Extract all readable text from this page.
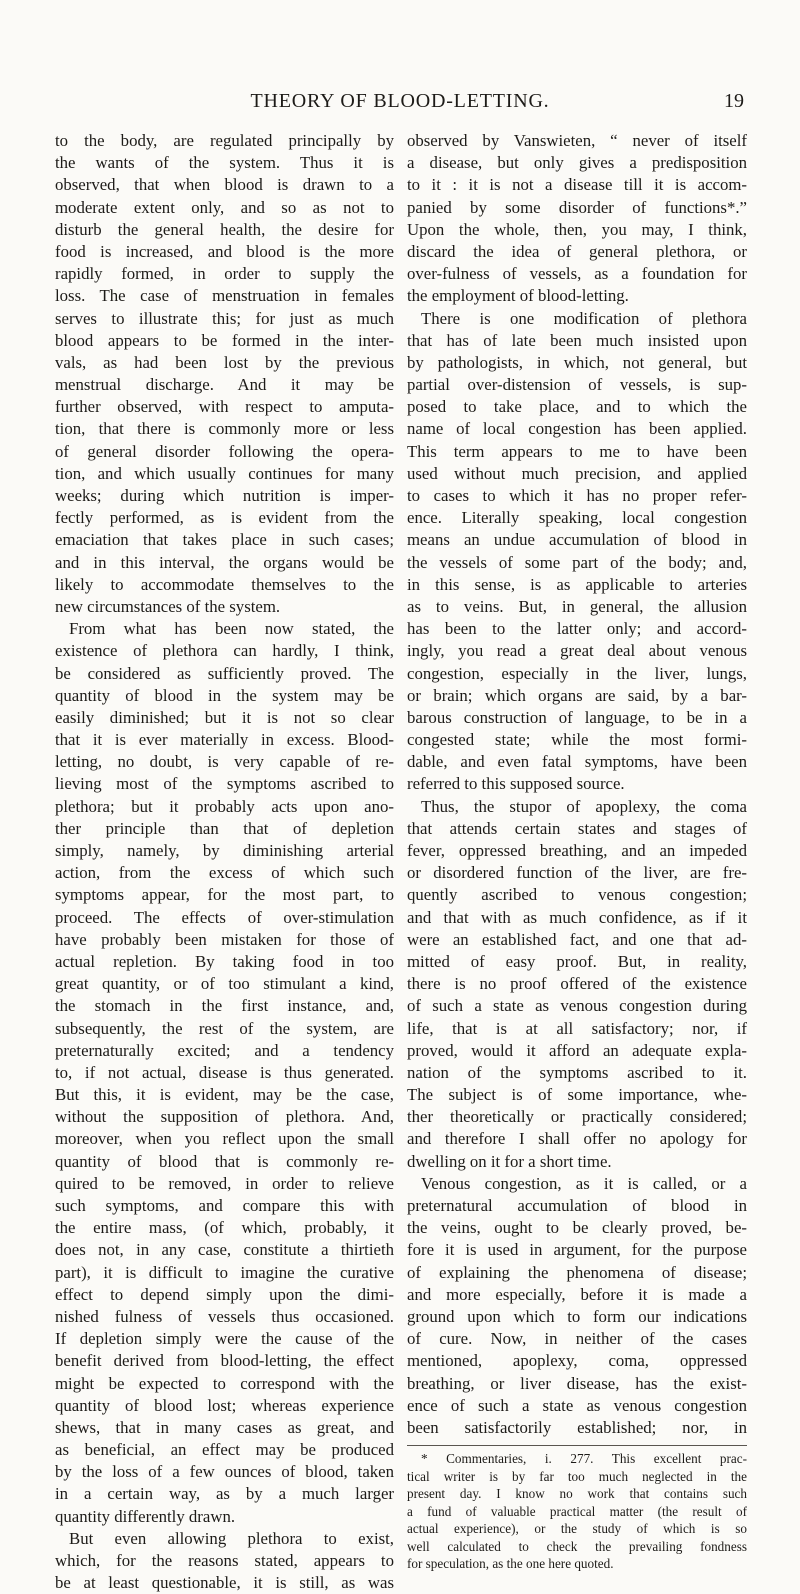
THEORY OF BLOOD-LETTING.	19
to the body, are regulated principally by
the wants of the system. Thus it is
observed, that when blood is drawn to a
moderate extent only, and so as not to
disturb the general health, the desire for
food is increased, and blood is the more
rapidly formed, in order to supply the
loss. The case of menstruation in females
serves to illustrate this; for just as much
blood appears to be formed in the inter-
vals, as had been lost by the previous
menstrual discharge. And it may be
further observed, with respect to amputa-
tion, that there is commonly more or less
of general disorder following the opera-
tion, and which usually continues for many
weeks; during which nutrition is imper-
fectly performed, as is evident from the
emaciation that takes place in such cases;
and in this interval, the organs would be
likely to accommodate themselves to the
new circumstances of the system.
From what has been now stated, the
existence of plethora can hardly, I think,
be considered as sufficiently proved. The
quantity of blood in the system may be
easily diminished; but it is not so clear
that it is ever materially in excess. Blood-
letting, no doubt, is very capable of re-
lieving most of the symptoms ascribed to
plethora; but it probably acts upon ano-
ther principle than that of depletion
simply, namely, by diminishing arterial
action, from the excess of which such
symptoms appear, for the most part, to
proceed. The effects of over-stimulation
have probably been mistaken for those of
actual repletion. By taking food in too
great quantity, or of too stimulant a kind,
the stomach in the first instance, and,
subsequently, the rest of the system, are
preternaturally excited; and a tendency
to, if not actual, disease is thus generated.
But this, it is evident, may be the case,
without the supposition of plethora. And,
moreover, when you reflect upon the small
quantity of blood that is commonly re-
quired to be removed, in order to relieve
such symptoms, and compare this with
the entire mass, (of which, probably, it
does not, in any case, constitute a thirtieth
part), it is difficult to imagine the curative
effect to depend simply upon the dimi-
nished fulness of vessels thus occasioned.
If depletion simply were the cause of the
benefit derived from blood-letting, the effect
might be expected to correspond with the
quantity of blood lost; whereas experience
shews, that in many cases as great, and
as beneficial, an effect may be produced
by the loss of a few ounces of blood, taken
in a certain way, as by a much larger
quantity differently drawn.
But even allowing plethora to exist,
which, for the reasons stated, appears to
be at least questionable, it is still, as was
observed by Vanswieten, “ never of itself
a disease, but only gives a predisposition
to it : it is not a disease till it is accom-
panied by some disorder of functions*.”
Upon the whole, then, you may, I think,
discard the idea of general plethora, or
over-fulness of vessels, as a foundation for
the employment of blood-letting.
There is one modification of plethora
that has of late been much insisted upon
by pathologists, in which, not general, but
partial over-distension of vessels, is sup-
posed to take place, and to which the
name of local congestion has been applied.
This term appears to me to have been
used without much precision, and applied
to cases to which it has no proper refer-
ence. Literally speaking, local congestion
means an undue accumulation of blood in
the vessels of some part of the body; and,
in this sense, is as applicable to arteries
as to veins. But, in general, the allusion
has been to the latter only; and accord-
ingly, you read a great deal about venous
congestion, especially in the liver, lungs,
or brain; which organs are said, by a bar-
barous construction of language, to be in a
congested state; while the most formi-
dable, and even fatal symptoms, have been
referred to this supposed source.
Thus, the stupor of apoplexy, the coma
that attends certain states and stages of
fever, oppressed breathing, and an impeded
or disordered function of the liver, are fre-
quently ascribed to venous congestion;
and that with as much confidence, as if it
were an established fact, and one that ad-
mitted of easy proof. But, in reality,
there is no proof offered of the existence
of such a state as venous congestion during
life, that is at all satisfactory; nor, if
proved, would it afford an adequate expla-
nation of the symptoms ascribed to it.
The subject is of some importance, whe-
ther theoretically or practically considered;
and therefore I shall offer no apology for
dwelling on it for a short time.
Venous congestion, as it is called, or a
preternatural accumulation of blood in
the veins, ought to be clearly proved, be-
fore it is used in argument, for the purpose
of explaining the phenomena of disease;
and more especially, before it is made a
ground upon which to form our indications
of cure. Now, in neither of the cases
mentioned, apoplexy, coma, oppressed
breathing, or liver disease, has the exist-
ence of such a state as venous congestion
been satisfactorily established; nor, in
* Commentaries, i. 277. This excellent prac-
tical writer is by far too much neglected in the
present day. I know no work that contains such
a fund of valuable practical matter (the result of
actual experience), or the study of which is so
well calculated to check the prevailing fondness
for speculation, as the one here quoted.
